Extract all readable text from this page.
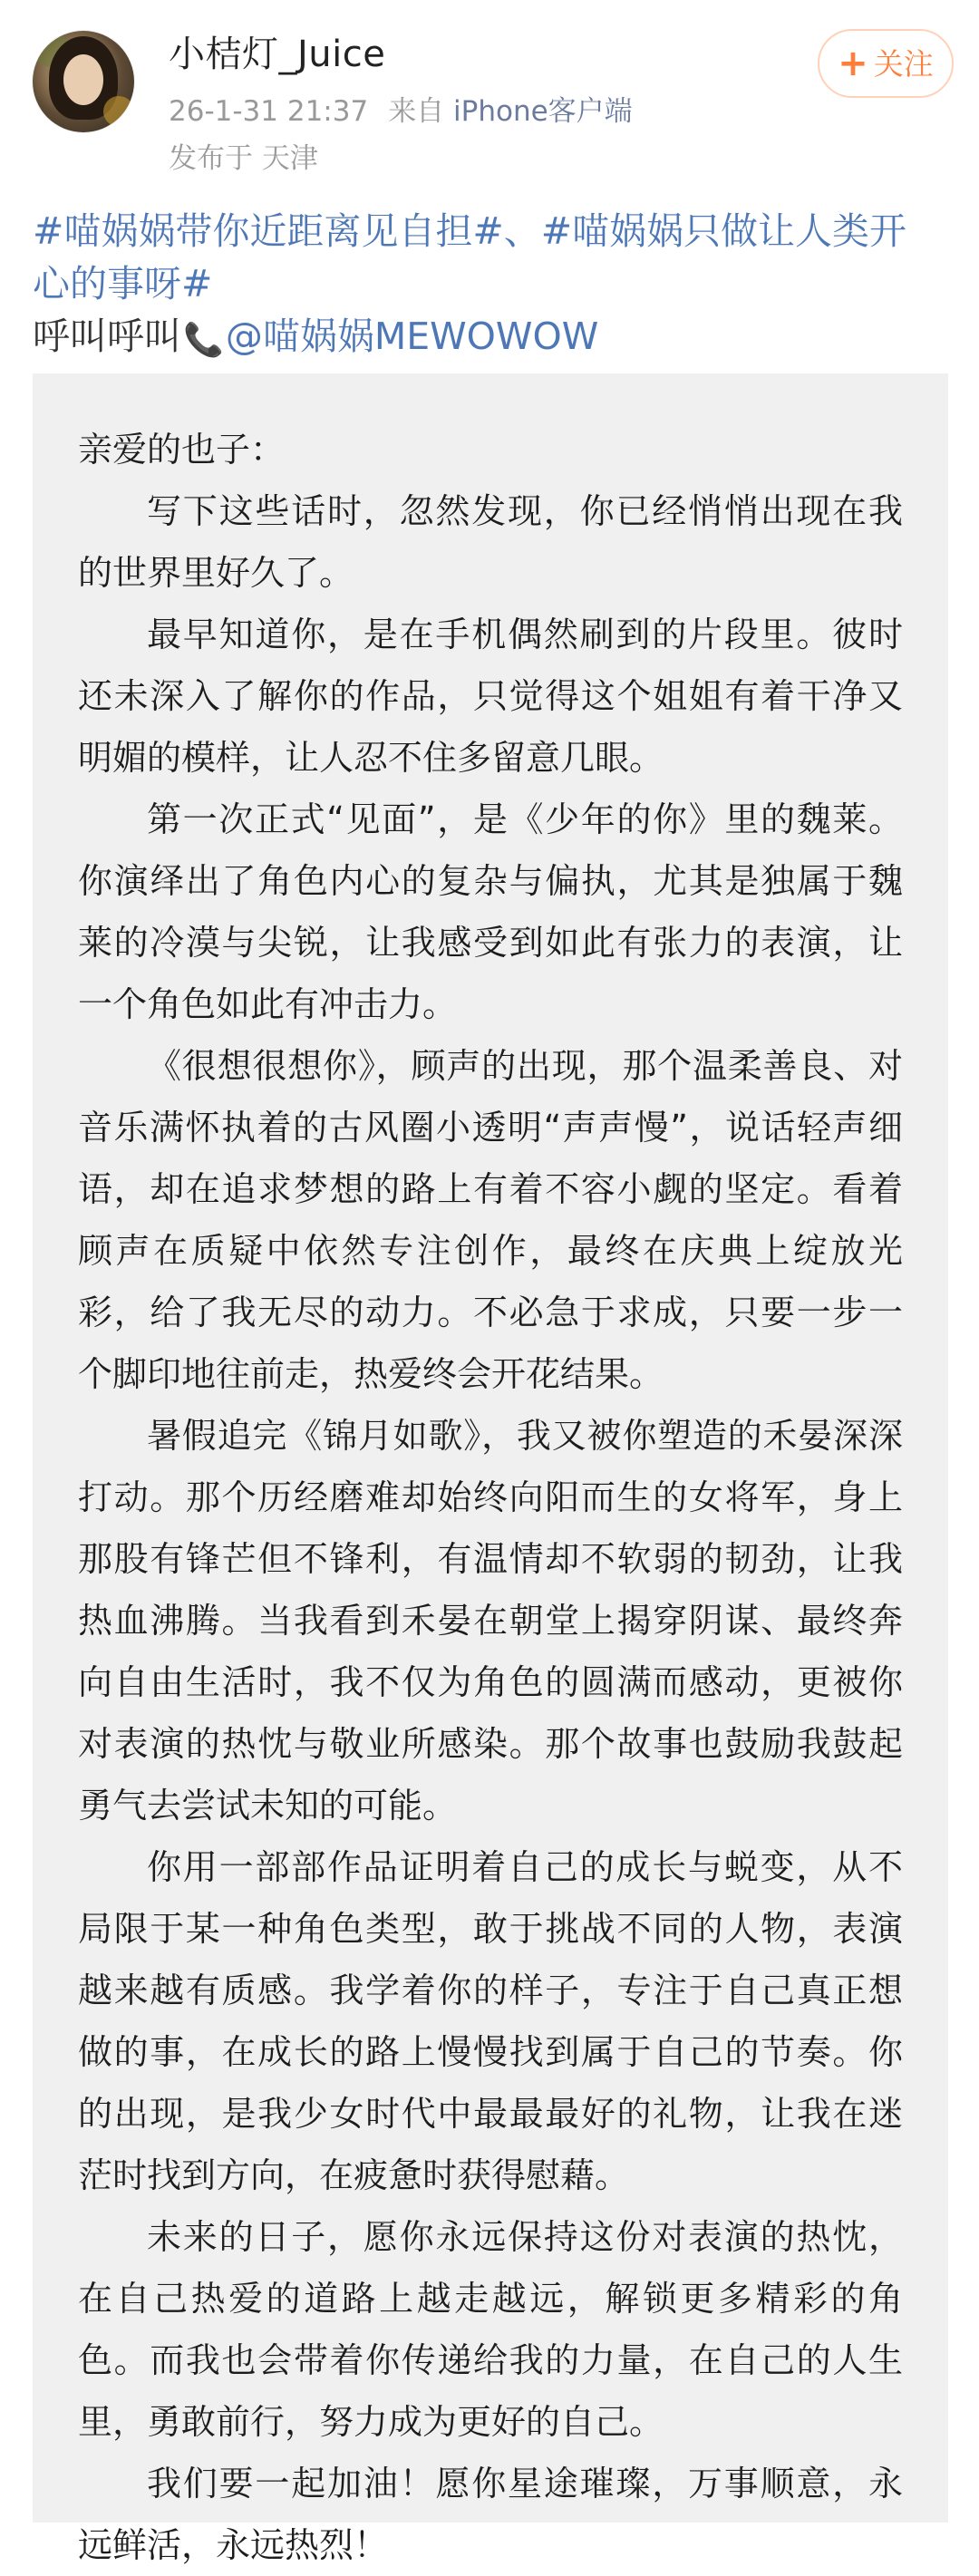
小桔灯_Juice
26-1-31 21:37 来自 iPhone客户端
发布于 天津
+ 关注
#喵娲娲带你近距离见自担#、#喵娲娲只做让人类开
心的事呀#
呼叫呼叫📞@喵娲娲MEWOWOW
亲爱的也子：
写下这些话时，忽然发现，你已经悄悄出现在我的世界里好久了。
最早知道你，是在手机偶然刷到的片段里。彼时还未深入了解你的作品，只觉得这个姐姐有着干净又明媚的模样，让人忍不住多留意几眼。
第一次正式“见面”，是《少年的你》里的魏莱。你演绎出了角色内心的复杂与偏执，尤其是独属于魏莱的冷漠与尖锐，让我感受到如此有张力的表演，让一个角色如此有冲击力。
《很想很想你》，顾声的出现，那个温柔善良、对音乐满怀执着的古风圈小透明“声声慢”，说话轻声细语，却在追求梦想的路上有着不容小觑的坚定。看着顾声在质疑中依然专注创作，最终在庆典上绽放光彩，给了我无尽的动力。不必急于求成，只要一步一个脚印地往前走，热爱终会开花结果。
暑假追完《锦月如歌》，我又被你塑造的禾晏深深打动。那个历经磨难却始终向阳而生的女将军，身上那股有锋芒但不锋利，有温情却不软弱的韧劲，让我热血沸腾。当我看到禾晏在朝堂上揭穿阴谋、最终奔向自由生活时，我不仅为角色的圆满而感动，更被你对表演的热忱与敬业所感染。那个故事也鼓励我鼓起勇气去尝试未知的可能。
你用一部部作品证明着自己的成长与蜕变，从不局限于某一种角色类型，敢于挑战不同的人物，表演越来越有质感。我学着你的样子，专注于自己真正想做的事，在成长的路上慢慢找到属于自己的节奏。你的出现，是我少女时代中最最最好的礼物，让我在迷茫时找到方向，在疲惫时获得慰藉。
未来的日子，愿你永远保持这份对表演的热忱，在自己热爱的道路上越走越远，解锁更多精彩的角色。而我也会带着你传递给我的力量，在自己的人生里，勇敢前行，努力成为更好的自己。
我们要一起加油！愿你星途璀璨，万事顺意，永远鲜活，永远热烈！
